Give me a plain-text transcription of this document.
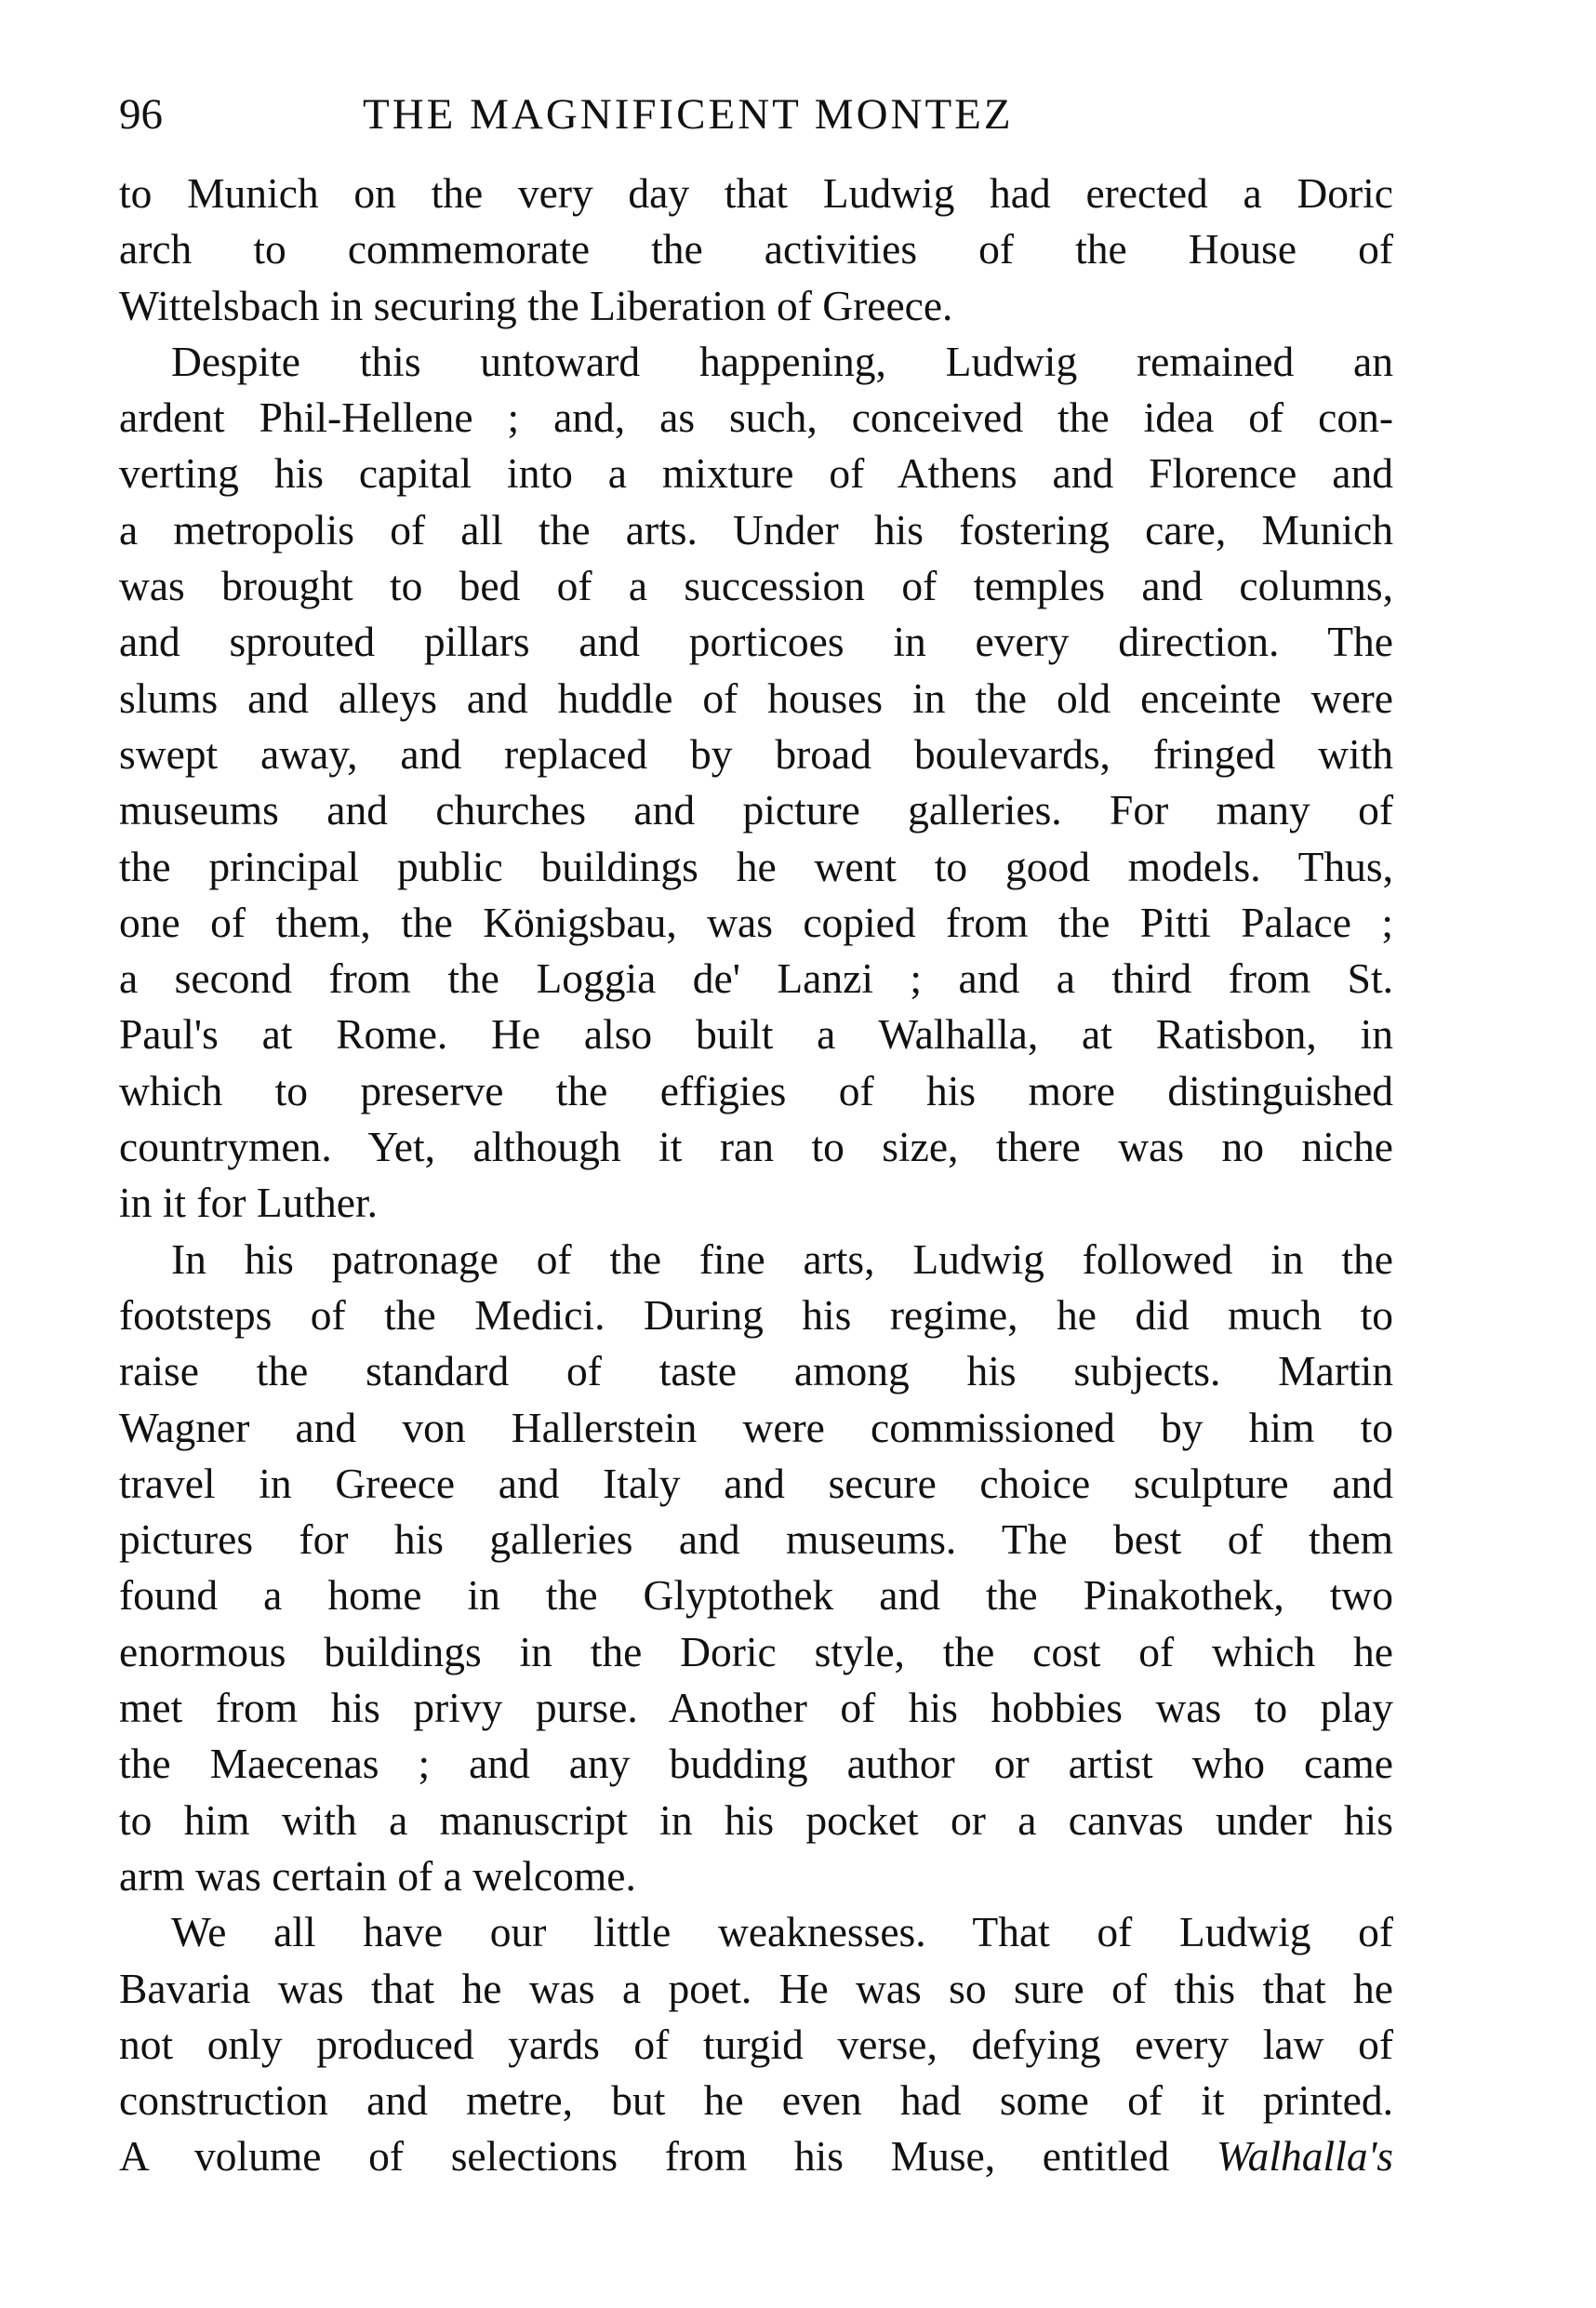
96	THE MAGNIFICENT MONTEZ
to Munich on the very day that Ludwig had erected a Doric
arch to commemorate the activities of the House of
Wittelsbach in securing the Liberation of Greece.
Despite this untoward happening, Ludwig remained an
ardent Phil-Hellene ; and, as such, conceived the idea of con-
verting his capital into a mixture of Athens and Florence and
a metropolis of all the arts. Under his fostering care, Munich
was brought to bed of a succession of temples and columns,
and sprouted pillars and porticoes in every direction. The
slums and alleys and huddle of houses in the old enceinte were
swept away, and replaced by broad boulevards, fringed with
museums and churches and picture galleries. For many of
the principal public buildings he went to good models. Thus,
one of them, the Königsbau, was copied from the Pitti Palace ;
a second from the Loggia de' Lanzi ; and a third from St.
Paul's at Rome. He also built a Walhalla, at Ratisbon, in
which to preserve the effigies of his more distinguished
countrymen. Yet, although it ran to size, there was no niche
in it for Luther.
In his patronage of the fine arts, Ludwig followed in the
footsteps of the Medici. During his regime, he did much to
raise the standard of taste among his subjects. Martin
Wagner and von Hallerstein were commissioned by him to
travel in Greece and Italy and secure choice sculpture and
pictures for his galleries and museums. The best of them
found a home in the Glyptothek and the Pinakothek, two
enormous buildings in the Doric style, the cost of which he
met from his privy purse. Another of his hobbies was to play
the Maecenas ; and any budding author or artist who came
to him with a manuscript in his pocket or a canvas under his
arm was certain of a welcome.
We all have our little weaknesses. That of Ludwig of
Bavaria was that he was a poet. He was so sure of this that he
not only produced yards of turgid verse, defying every law of
construction and metre, but he even had some of it printed.
A volume of selections from his Muse, entitled Walhalla's
